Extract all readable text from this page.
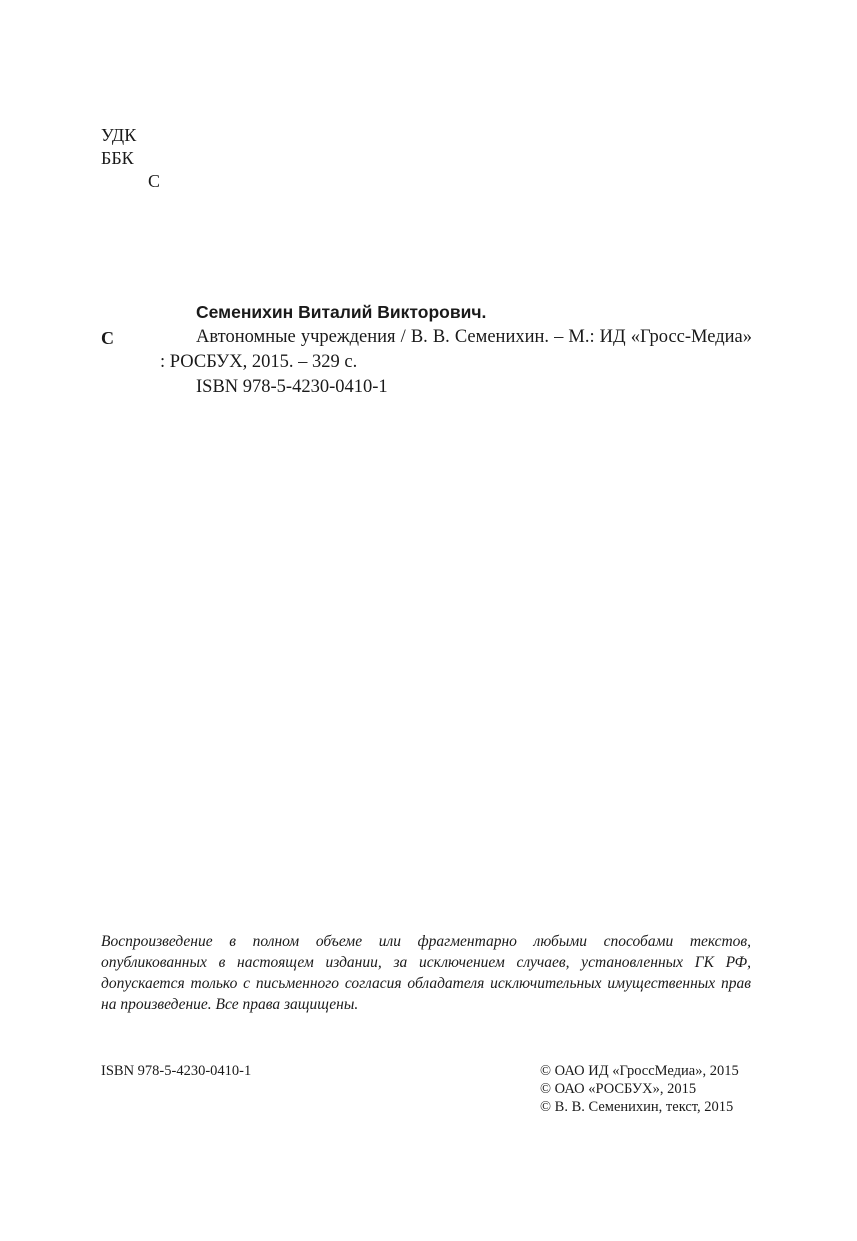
УДК
ББК
С
С
Семенихин Виталий Викторович.
Автономные учреждения / В. В. Семенихин. – М.: ИД «Гросс-Медиа» : РОСБУХ, 2015. – 329 с.
ISBN 978-5-4230-0410-1
Воспроизведение в полном объеме или фрагментарно любыми способами текстов, опубликованных в настоящем издании, за исключением случаев, установленных ГК РФ, допускается только с письменного согласия обладателя исключительных имущественных прав на произведение. Все права защищены.
ISBN 978-5-4230-0410-1	© ОАО ИД «ГроссМедиа», 2015
© ОАО «РОСБУХ», 2015
© В. В. Семенихин, текст, 2015
